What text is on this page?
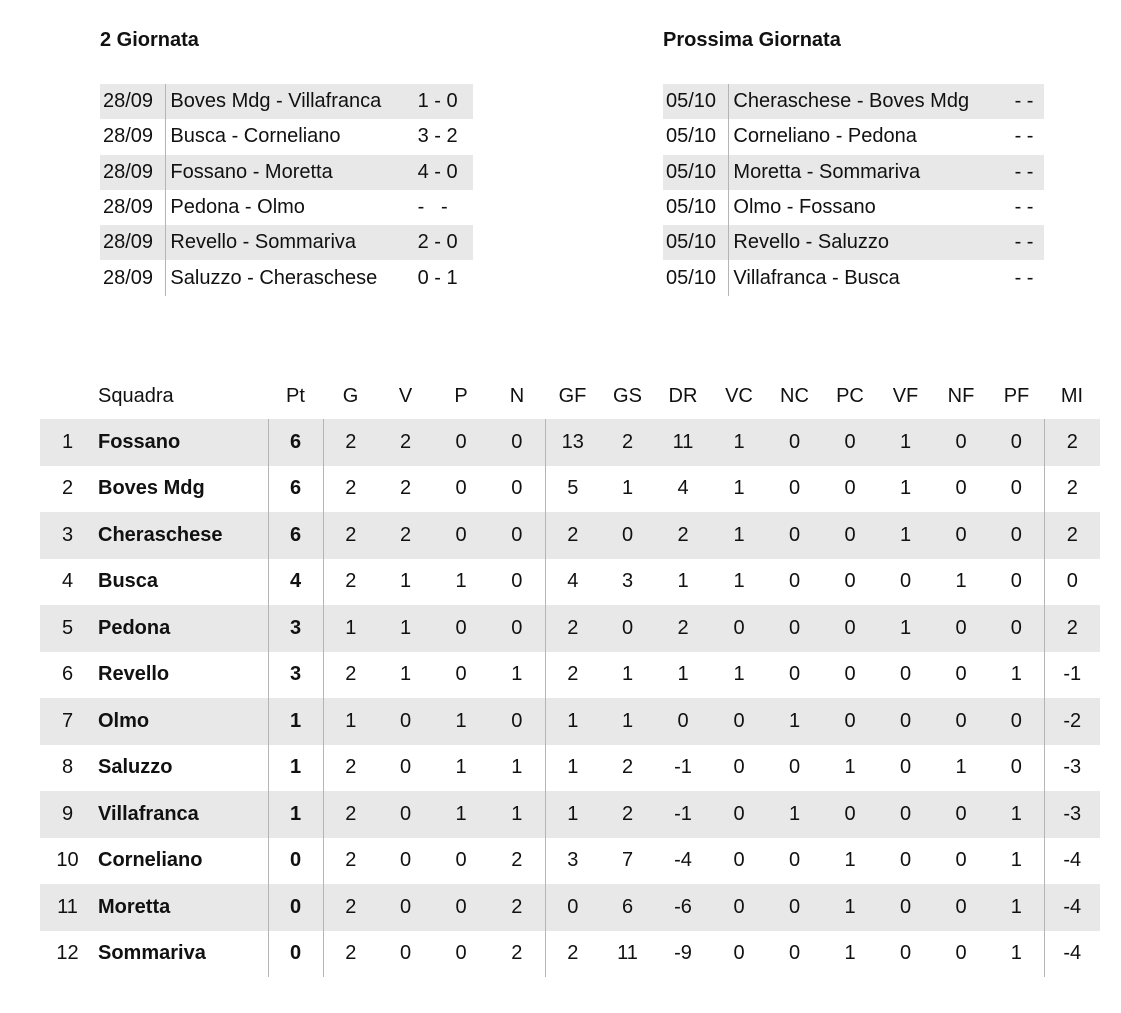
2 Giornata
28/09	Boves Mdg - Villafranca	1 - 0
28/09	Busca - Corneliano	3 - 2
28/09	Fossano - Moretta	4 - 0
28/09	Pedona - Olmo	-   -
28/09	Revello - Sommariva	2 - 0
28/09	Saluzzo - Cheraschese	0 - 1
Prossima Giornata
05/10	Cheraschese - Boves Mdg	- -
05/10	Corneliano - Pedona	- -
05/10	Moretta - Sommariva	- -
05/10	Olmo - Fossano	- -
05/10	Revello - Saluzzo	- -
05/10	Villafranca - Busca	- -
	Squadra	Pt	G	V	P	N	GF	GS	DR	VC	NC	PC	VF	NF	PF	MI
1	Fossano	6	2	2	0	0	13	2	11	1	0	0	1	0	0	2
2	Boves Mdg	6	2	2	0	0	5	1	4	1	0	0	1	0	0	2
3	Cheraschese	6	2	2	0	0	2	0	2	1	0	0	1	0	0	2
4	Busca	4	2	1	1	0	4	3	1	1	0	0	0	1	0	0
5	Pedona	3	1	1	0	0	2	0	2	0	0	0	1	0	0	2
6	Revello	3	2	1	0	1	2	1	1	1	0	0	0	0	1	-1
7	Olmo	1	1	0	1	0	1	1	0	0	1	0	0	0	0	-2
8	Saluzzo	1	2	0	1	1	1	2	-1	0	0	1	0	1	0	-3
9	Villafranca	1	2	0	1	1	1	2	-1	0	1	0	0	0	1	-3
10	Corneliano	0	2	0	0	2	3	7	-4	0	0	1	0	0	1	-4
11	Moretta	0	2	0	0	2	0	6	-6	0	0	1	0	0	1	-4
12	Sommariva	0	2	0	0	2	2	11	-9	0	0	1	0	0	1	-4
